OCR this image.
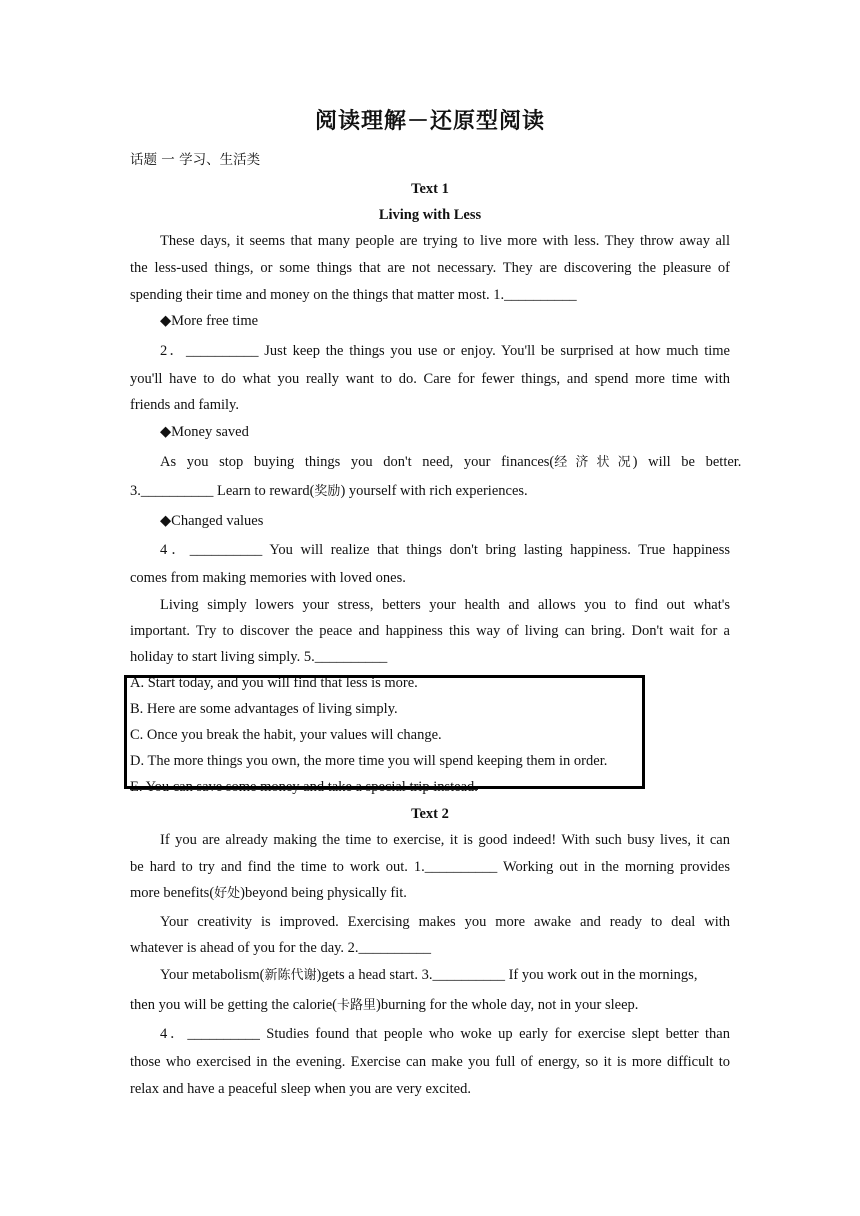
阅读理解－还原型阅读
话题 一 学习、生活类
Text 1
Living with Less
These days, it seems that many people are trying to live more with less. They throw away all
the less-used things, or some things that are not necessary. They are discovering the pleasure of
spending their time and money on the things that matter most. 1.__________
◆More free time
2．__________ Just keep the things you use or enjoy. You'll be surprised at how much time
you'll have to do what you really want to do. Care for fewer things, and spend more time with
friends and family.
◆Money saved
As you stop buying things you don't need, your finances(经 济 状 况) will be better.
3.__________ Learn to reward(奖励) yourself with rich experiences.
◆Changed values
4．__________ You will realize that things don't bring lasting happiness. True happiness
comes from making memories with loved ones.
Living simply lowers your stress, betters your health and allows you to find out what's
important. Try to discover the peace and happiness this way of living can bring. Don't wait for a
holiday to start living simply. 5.__________
A. Start today, and you will find that less is more.
B. Here are some advantages of living simply.
C. Once you break the habit, your values will change.
D. The more things you own, the more time you will spend keeping them in order.
E. You can save some money and take a special trip instead.
Text 2
If you are already making the time to exercise, it is good indeed! With such busy lives, it can
be hard to try and find the time to work out. 1.__________ Working out in the morning provides
more benefits(好处)beyond being physically fit.
Your creativity is improved. Exercising makes you more awake and ready to deal with
whatever is ahead of you for the day. 2.__________
Your metabolism(新陈代谢)gets a head start. 3.__________ If you work out in the mornings,
then you will be getting the calorie(卡路里)burning for the whole day, not in your sleep.
4．__________ Studies found that people who woke up early for exercise slept better than
those who exercised in the evening. Exercise can make you full of energy, so it is more difficult to
relax and have a peaceful sleep when you are very excited.
